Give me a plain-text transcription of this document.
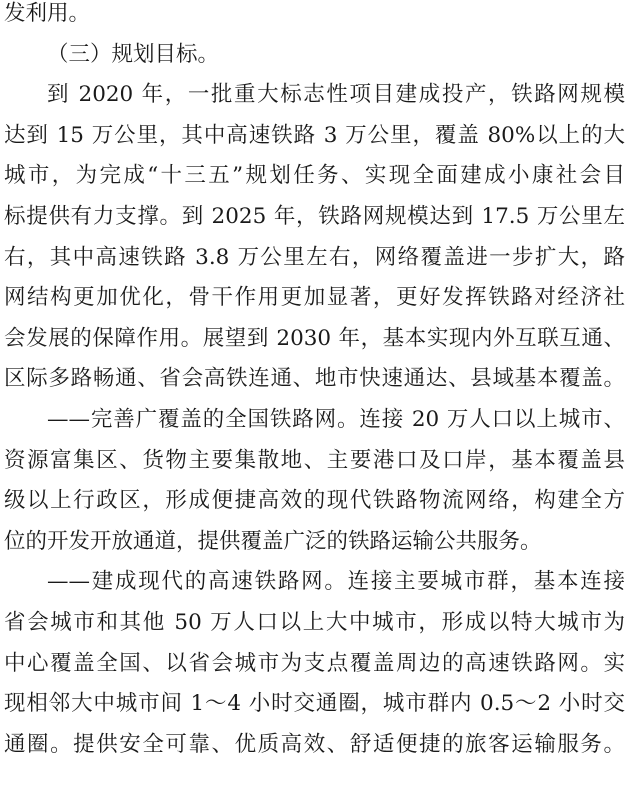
发利用。
（三）规划目标。
到 2020 年，一批重大标志性项目建成投产，铁路网规模
达到 15 万公里，其中高速铁路 3 万公里，覆盖 80%以上的大
城市，为完成“十三五”规划任务、实现全面建成小康社会目
标提供有力支撑。到 2025 年，铁路网规模达到 17.5 万公里左
右，其中高速铁路 3.8 万公里左右，网络覆盖进一步扩大，路
网结构更加优化，骨干作用更加显著，更好发挥铁路对经济社
会发展的保障作用。展望到 2030 年，基本实现内外互联互通、
区际多路畅通、省会高铁连通、地市快速通达、县域基本覆盖。
——完善广覆盖的全国铁路网。连接 20 万人口以上城市、
资源富集区、货物主要集散地、主要港口及口岸，基本覆盖县
级以上行政区，形成便捷高效的现代铁路物流网络，构建全方
位的开发开放通道，提供覆盖广泛的铁路运输公共服务。
——建成现代的高速铁路网。连接主要城市群，基本连接
省会城市和其他 50 万人口以上大中城市，形成以特大城市为
中心覆盖全国、以省会城市为支点覆盖周边的高速铁路网。实
现相邻大中城市间 1～4 小时交通圈，城市群内 0.5～2 小时交
通圈。提供安全可靠、优质高效、舒适便捷的旅客运输服务。
